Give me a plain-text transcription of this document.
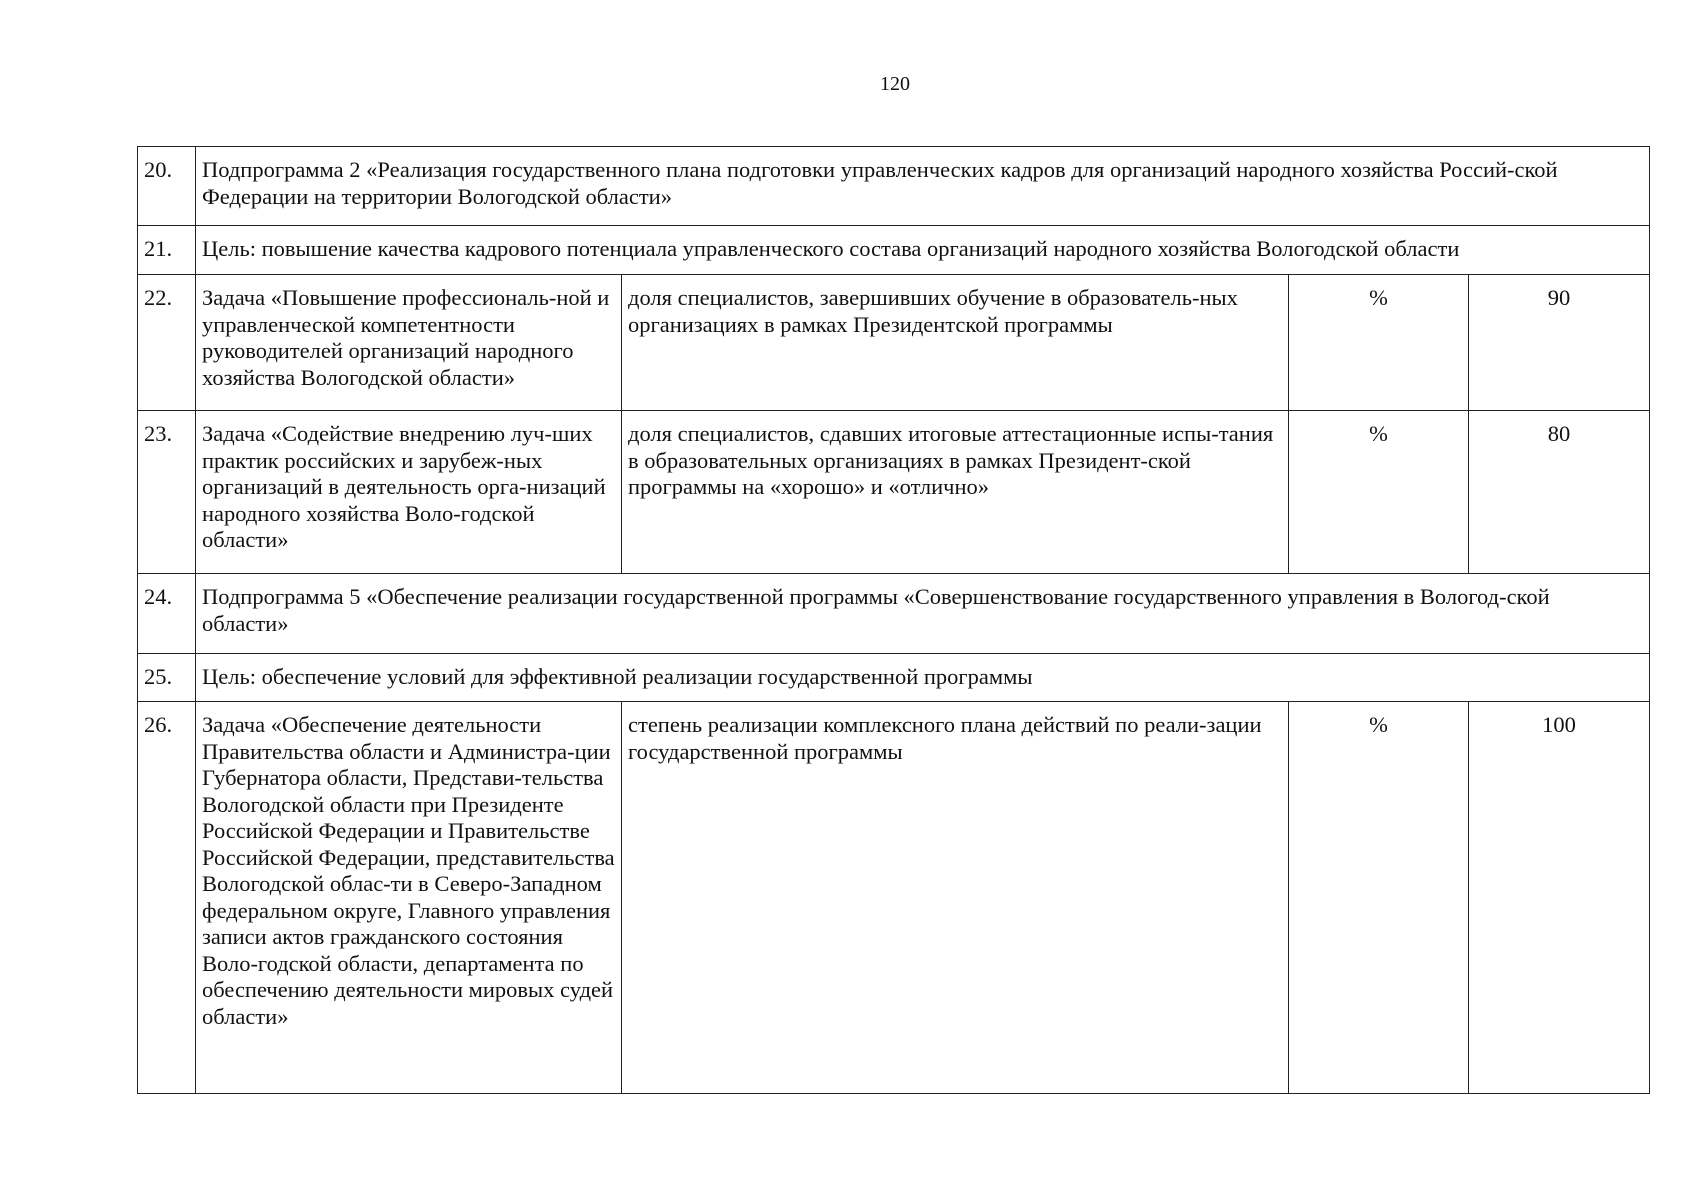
120
20.	Подпрограмма 2 «Реализация государственного плана подготовки управленческих кадров для организаций народного хозяйства Россий-ской Федерации на территории Вологодской области»			
21.	Цель: повышение качества кадрового потенциала управленческого состава организаций народного хозяйства Вологодской области			
22.	Задача «Повышение профессиональ-ной и управленческой компетентности руководителей организаций народного хозяйства Вологодской области»	доля специалистов, завершивших обучение в образователь-ных организациях в рамках Президентской программы	%	90
23.	Задача «Содействие внедрению луч-ших практик российских и зарубеж-ных организаций в деятельность орга-низаций народного хозяйства Воло-годской области»	доля специалистов, сдавших итоговые аттестационные испы-тания в образовательных организациях в рамках Президент-ской программы на «хорошо» и «отлично»	%	80
24.	Подпрограмма 5 «Обеспечение реализации государственной программы «Совершенствование государственного управления в Вологод-ской области»			
25.	Цель: обеспечение условий для эффективной реализации государственной программы			
26.	Задача «Обеспечение деятельности Правительства области и Администра-ции Губернатора области, Представи-тельства Вологодской области при Президенте Российской Федерации и Правительстве Российской Федерации, представительства Вологодской облас-ти в Северо-Западном федеральном округе, Главного управления записи актов гражданского состояния Воло-годской области, департамента по обеспечению деятельности мировых судей области»	степень реализации комплексного плана действий по реали-зации государственной программы	%	100
